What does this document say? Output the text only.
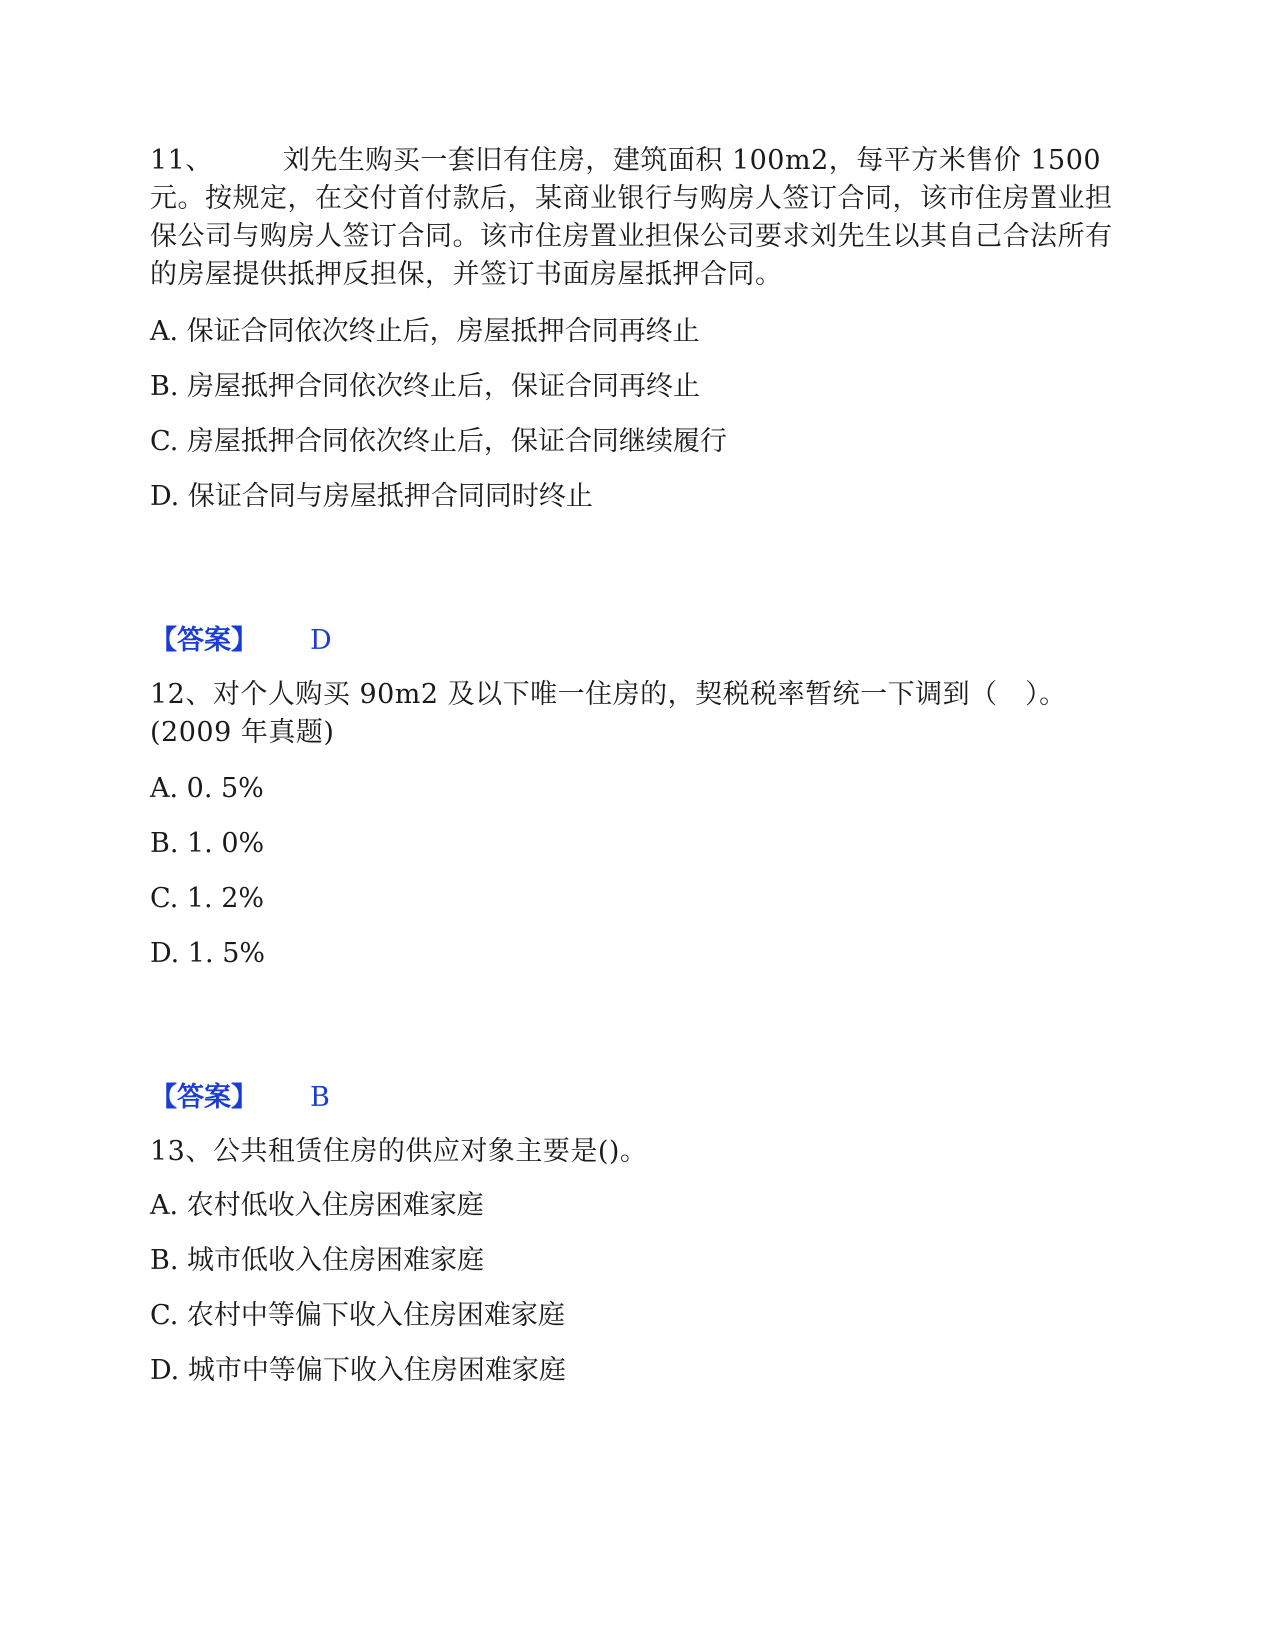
11、	刘先生购买一套旧有住房，建筑面积 100m2，每平方米售价 1500 元。按规定，在交付首付款后，某商业银行与购房人签订合同，该市住房置业担保公司与购房人签订合同。该市住房置业担保公司要求刘先生以其自己合法所有的房屋提供抵押反担保，并签订书面房屋抵押合同。
A. 保证合同依次终止后，房屋抵押合同再终止
B. 房屋抵押合同依次终止后，保证合同再终止
C. 房屋抵押合同依次终止后，保证合同继续履行
D. 保证合同与房屋抵押合同同时终止
【答案】 D
12、对个人购买 90m2 及以下唯一住房的，契税税率暂统一下调到（　）。(2009 年真题)
A. 0. 5%
B. 1. 0%
C. 1. 2%
D. 1. 5%
【答案】 B
13、公共租赁住房的供应对象主要是()。
A. 农村低收入住房困难家庭
B. 城市低收入住房困难家庭
C. 农村中等偏下收入住房困难家庭
D. 城市中等偏下收入住房困难家庭
